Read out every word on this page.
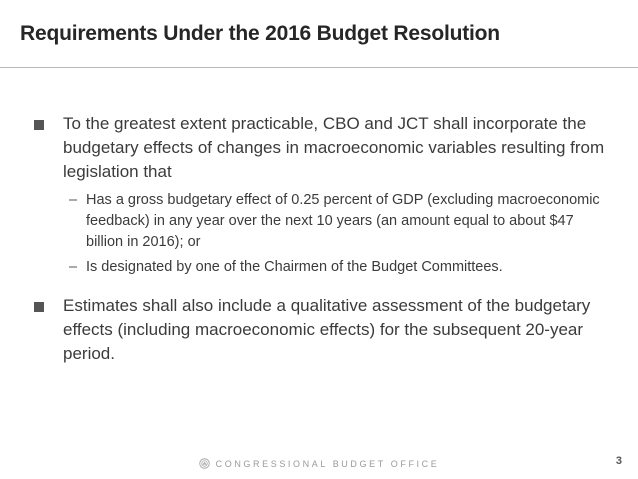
Requirements Under the 2016 Budget Resolution
To the greatest extent practicable, CBO and JCT shall incorporate the budgetary effects of changes in macroeconomic variables resulting from legislation that
– Has a gross budgetary effect of 0.25 percent of GDP (excluding macroeconomic feedback) in any year over the next 10 years (an amount equal to about $47 billion in 2016); or
– Is designated by one of the Chairmen of the Budget Committees.
Estimates shall also include a qualitative assessment of the budgetary effects (including macroeconomic effects) for the subsequent 20-year period.
CONGRESSIONAL BUDGET OFFICE	3
